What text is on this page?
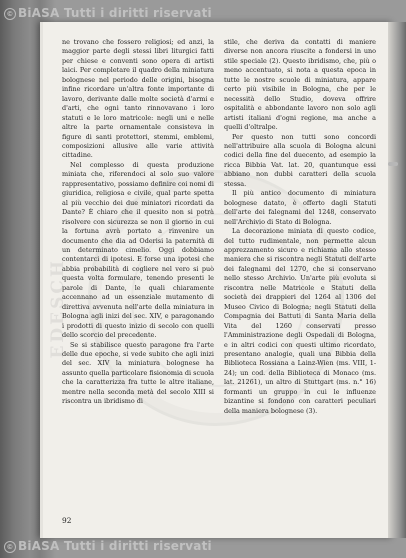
EDESCH
© BiASA Tutti i diritti riservati

ne trovano che fossero religiosi; ed anzi, la maggior parte degli stessi libri liturgici fatti per chiese e conventi sono opera di artisti laici. Per completare il quadro della miniatura bolognese nel periodo delle origini, bisogna infine ricordare un'altra fonte importante di lavoro, derivante dalle molte società d'armi e d'arti, che ogni tanto rinnovavano i loro statuti e le loro matricole: negli uni e nelle altre la parte ornamentale consisteva in figure di santi protettori, stemmi, emblemi, composizioni allusive alle varie attività cittadine.

Nel complesso di questa produzione miniata che, riferendoci al solo suo valore rappresentativo, possiamo definire coi nomi di giuridica, religiosa e civile, qual parte spetta al più vecchio dei due miniatori ricordati da Dante? È chiaro che il quesito non si potrà risolvere con sicurezza se non il giorno in cui la fortuna avrà portato a rinvenire un documento che dia ad Oderisi la paternità di un determinato cimelio. Oggi dobbiamo contentarci di ipotesi. E forse una ipotesi che abbia probabilità di cogliere nel vero si può questa volta formulare, tenendo presenti le parole di Dante, le quali chiaramente accennano ad un essenziale mutamento di direttiva avvenuta nell'arte della miniatura in Bologna agli inizi del sec. XIV, e paragonando i prodotti di questo inizio di secolo con quelli dello scorcio del precedente.

Se si stabilisce questo paragone fra l'arte delle due epoche, si vede subito che agli inizi del sec. XIV la miniatura bolognese ha assunto quella particolare fisionomia di scuola che la caratterizza fra tutte le altre italiane, mentre nella seconda metà del secolo XIII si riscontra un ibridismo di

stile, che deriva da contatti di maniere diverse non ancora riuscite a fondersi in uno stile speciale (2). Questo ibridismo, che, più o meno accentuato, si nota a questa epoca in tutte le nostre scuole di miniatura, appare certo più visibile in Bologna, che per le necessità dello Studio, doveva offrire ospitalità e abbondante lavoro non solo agli artisti italiani d'ogni regione, ma anche a quelli d'oltralpe.

Per questo non tutti sono concordi nell'attribuire alla scuola di Bologna alcuni codici della fine del duecento, ad esempio la ricca Bibbia Vat. lat. 20, quantunque essi abbiano non dubbi caratteri della scuola stessa.

Il più antico documento di miniatura bolognese datato, è offerto dagli Statuti dell'arte dei falegnami del 1248, conservato nell'Archivio di Stato di Bologna.

La decorazione miniata di questo codice, del tutto rudimentale, non permette alcun apprezzamento sicuro e richiama allo stesso maniera che si riscontra negli Statuti dell'arte dei falegnami del 1270, che si conservano nello stesso Archivio. Un'arte più evoluta si riscontra nelle Matricole e Statuti della società dei drappieri del 1264 al 1306 del Museo Civico di Bologna; negli Statuti della Compagnia dei Battuti di Santa Maria della Vita del 1260 conservati presso l'Amministrazione degli Ospedali di Bologna, e in altri codici con questi ultimo ricordato, presentano analogie, quali una Bibbia della Biblioteca Rossiana a Lainz-Wien (ms. VIII, 1-24); un cod. della Biblioteca di Monaco (ms. lat. 21261), un altro di Stuttgart (ms. n.° 16) formanti un gruppo in cui le influenze bizantine si fondono con caratteri peculiari della maniera bolognese (3).

92
© BiASA Tutti i diritti riservati
